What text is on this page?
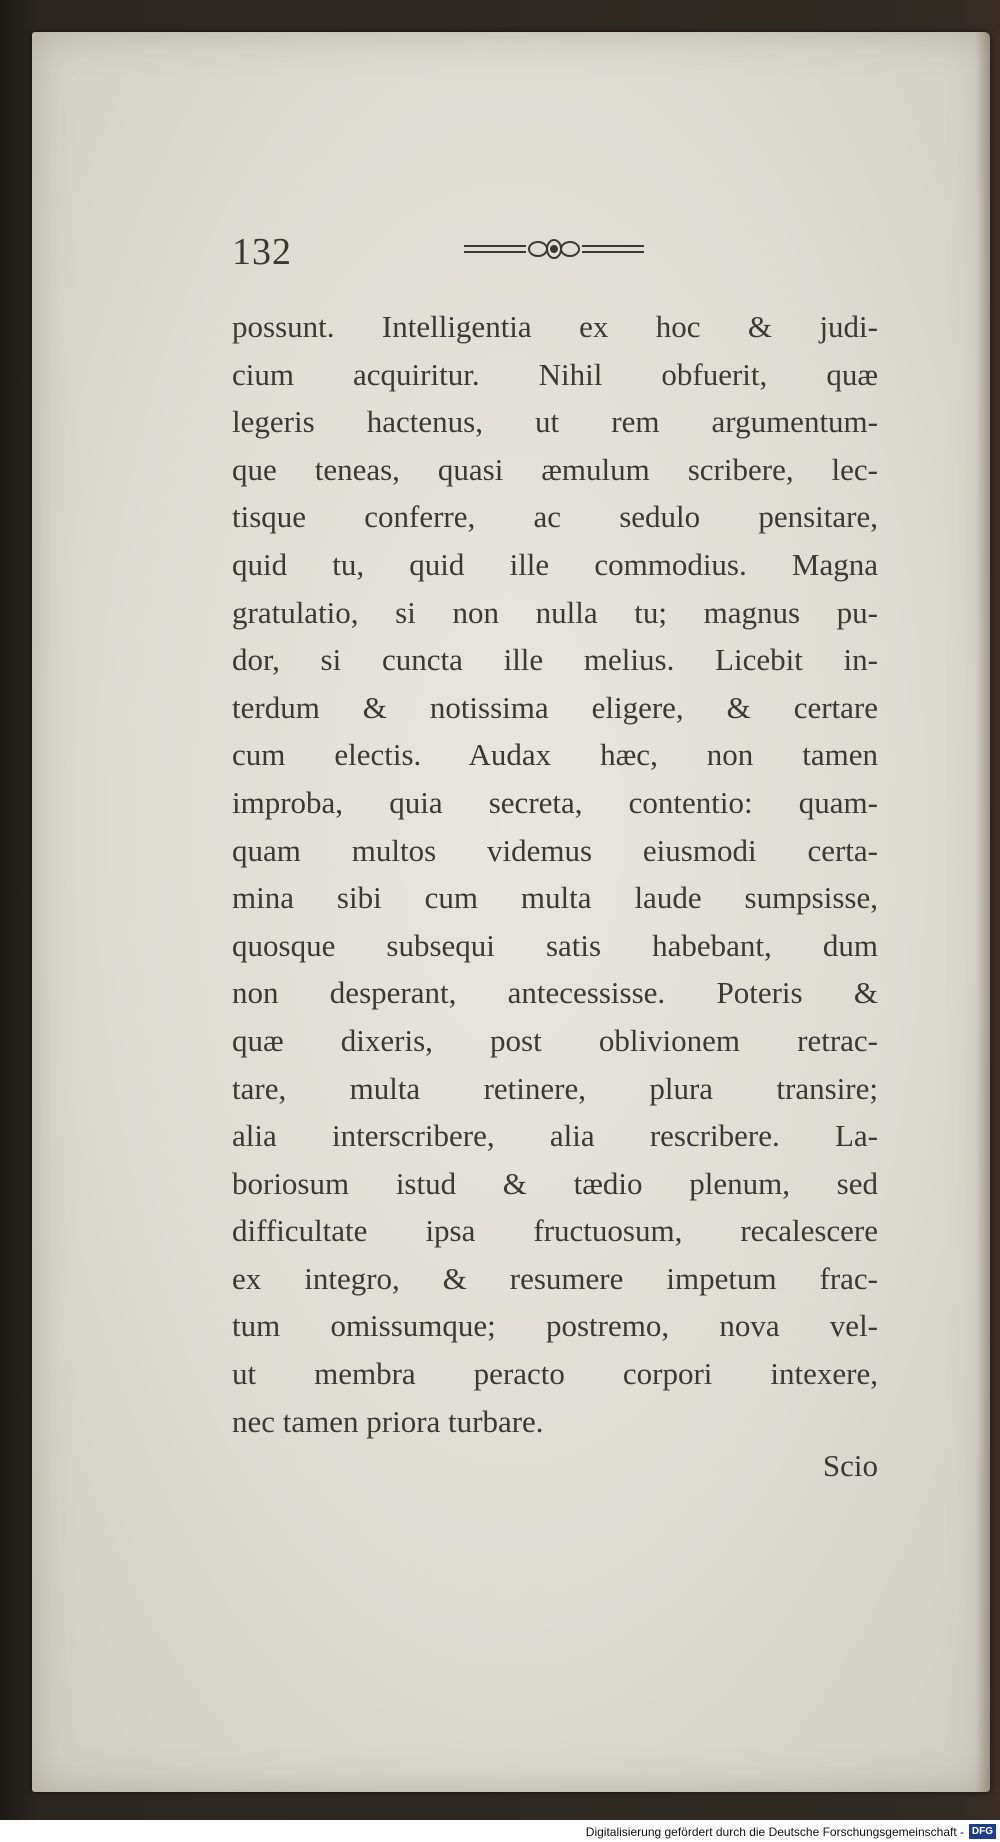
132
possunt. Intelligentia ex hoc & judi-
cium acquiritur. Nihil obfuerit, quæ
legeris hactenus, ut rem argumentum-
que teneas, quasi æmulum scribere, lec-
tisque conferre, ac sedulo pensitare,
quid tu, quid ille commodius. Magna
gratulatio, si non nulla tu; magnus pu-
dor, si cuncta ille melius. Licebit in-
terdum & notissima eligere, & certare
cum electis. Audax hæc, non tamen
improba, quia secreta, contentio: quam-
quam multos videmus eiusmodi certa-
mina sibi cum multa laude sumpsisse,
quosque subsequi satis habebant, dum
non desperant, antecessisse. Poteris &
quæ dixeris, post oblivionem retrac-
tare, multa retinere, plura transire;
alia interscribere, alia rescribere. La-
boriosum istud & tædio plenum, sed
difficultate ipsa fructuosum, recalescere
ex integro, & resumere impetum frac-
tum omissumque; postremo, nova vel-
ut membra peracto corpori intexere,
nec tamen priora turbare.
Scio
Digitalisierung gefördert durch die Deutsche Forschungsgemeinschaft - DFG
